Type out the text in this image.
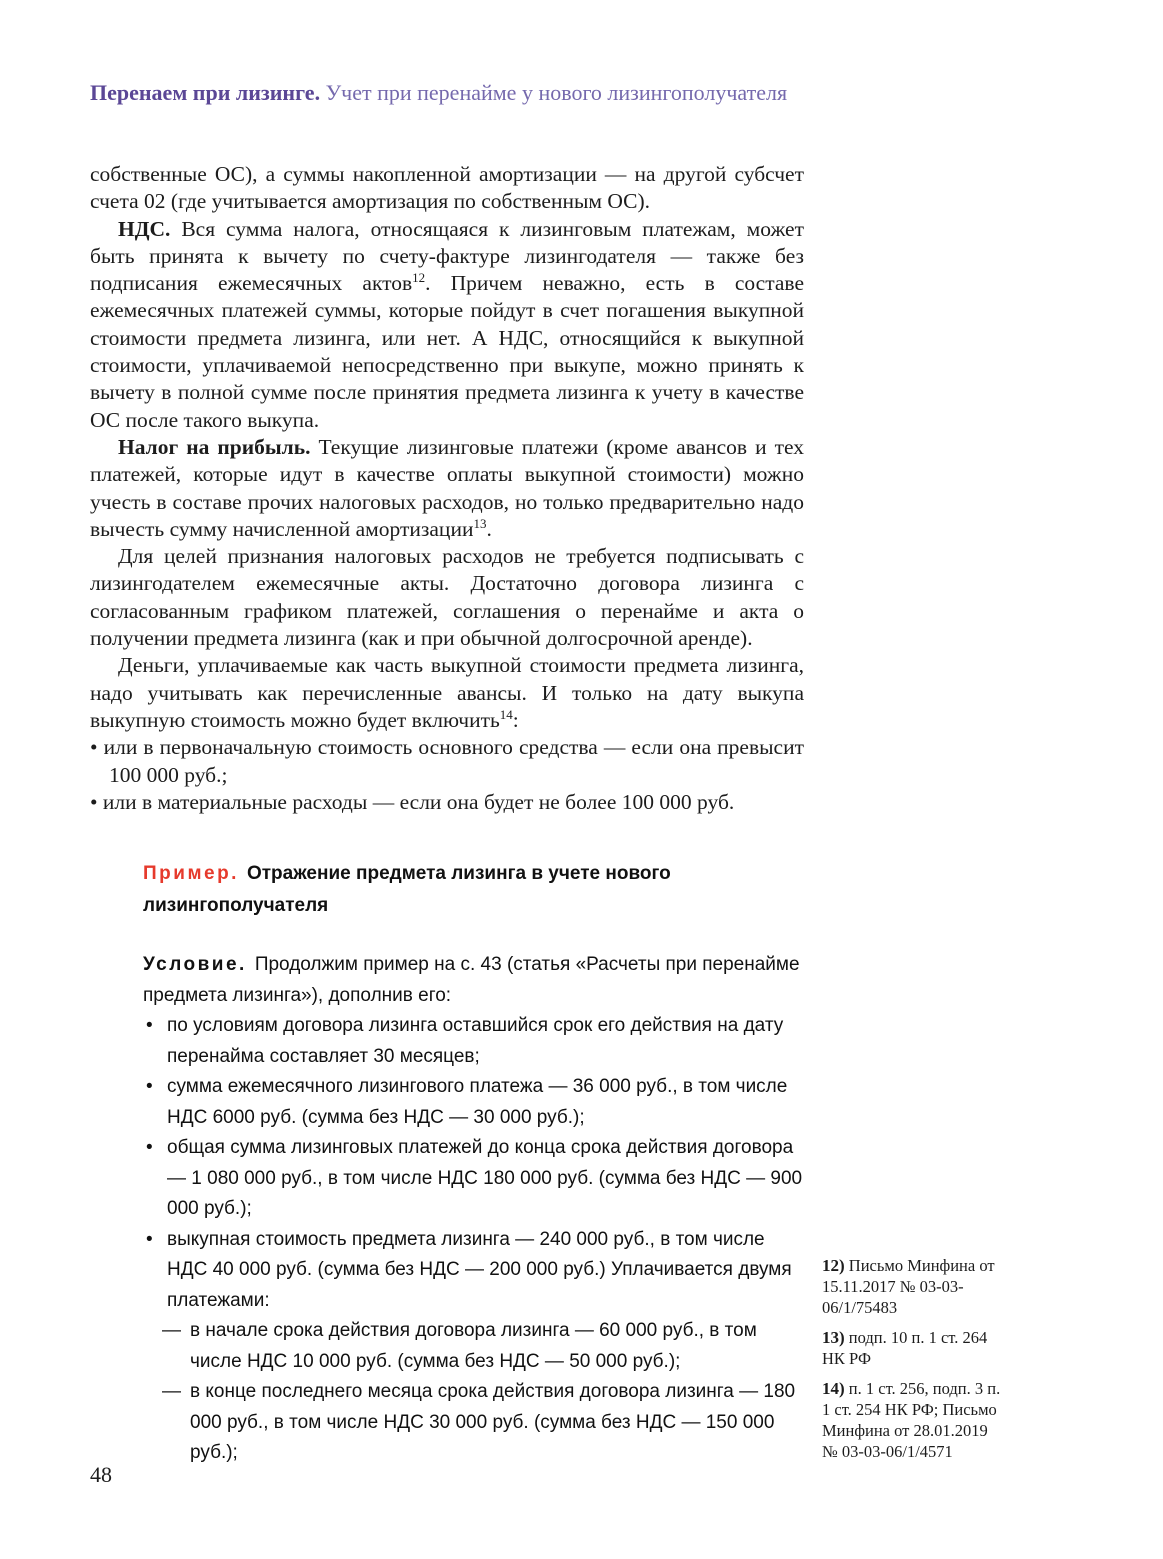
Перенаем при лизинге. Учет при перенайме у нового лизингополучателя

собственные ОС), а суммы накопленной амортизации — на другой субсчет счета 02 (где учитывается амортизация по собственным ОС).

НДС. Вся сумма налога, относящаяся к лизинговым платежам, может быть принята к вычету по счету-фактуре лизингодателя — также без подписания ежемесячных актов$^{12}$. Причем неважно, есть в составе ежемесячных платежей суммы, которые пойдут в счет погашения выкупной стоимости предмета лизинга, или нет. А НДС, относящийся к выкупной стоимости, уплачиваемой непосредственно при выкупе, можно принять к вычету в полной сумме после принятия предмета лизинга к учету в качестве ОС после такого выкупа.

Налог на прибыль. Текущие лизинговые платежи (кроме авансов и тех платежей, которые идут в качестве оплаты выкупной стоимости) можно учесть в составе прочих налоговых расходов, но только предварительно надо вычесть сумму начисленной амортизации$^{13}$.

Для целей признания налоговых расходов не требуется подписывать с лизингодателем ежемесячные акты. Достаточно договора лизинга с согласованным графиком платежей, соглашения о перенайме и акта о получении предмета лизинга (как и при обычной долгосрочной аренде).

Деньги, уплачиваемые как часть выкупной стоимости предмета лизинга, надо учитывать как перечисленные авансы. И только на дату выкупа выкупную стоимость можно будет включить$^{14}$:

• или в первоначальную стоимость основного средства — если она превысит 100 000 руб.;

• или в материальные расходы — если она будет не более 100 000 руб.

Пример. Отражение предмета лизинга в учете нового лизингополучателя

Условие. Продолжим пример на с. 43 (статья «Расчеты при перенайме предмета лизинга»), дополнив его:

• по условиям договора лизинга оставшийся срок его действия на дату перенайма составляет 30 месяцев;
• сумма ежемесячного лизингового платежа — 36 000 руб., в том числе НДС 6000 руб. (сумма без НДС — 30 000 руб.);
• общая сумма лизинговых платежей до конца срока действия договора — 1 080 000 руб., в том числе НДС 180 000 руб. (сумма без НДС — 900 000 руб.);
• выкупная стоимость предмета лизинга — 240 000 руб., в том числе НДС 40 000 руб. (сумма без НДС — 200 000 руб.) Уплачивается двумя платежами:
— в начале срока действия договора лизинга — 60 000 руб., в том числе НДС 10 000 руб. (сумма без НДС — 50 000 руб.);
— в конце последнего месяца срока действия договора лизинга — 180 000 руб., в том числе НДС 30 000 руб. (сумма без НДС — 150 000 руб.);

12) Письмо Минфина от 15.11.2017 № 03-03-06/1/75483

13) подп. 10 п. 1 ст. 264 НК РФ

14) п. 1 ст. 256, подп. 3 п. 1 ст. 254 НК РФ; Письмо Минфина от 28.01.2019 № 03-03-06/1/4571

48
